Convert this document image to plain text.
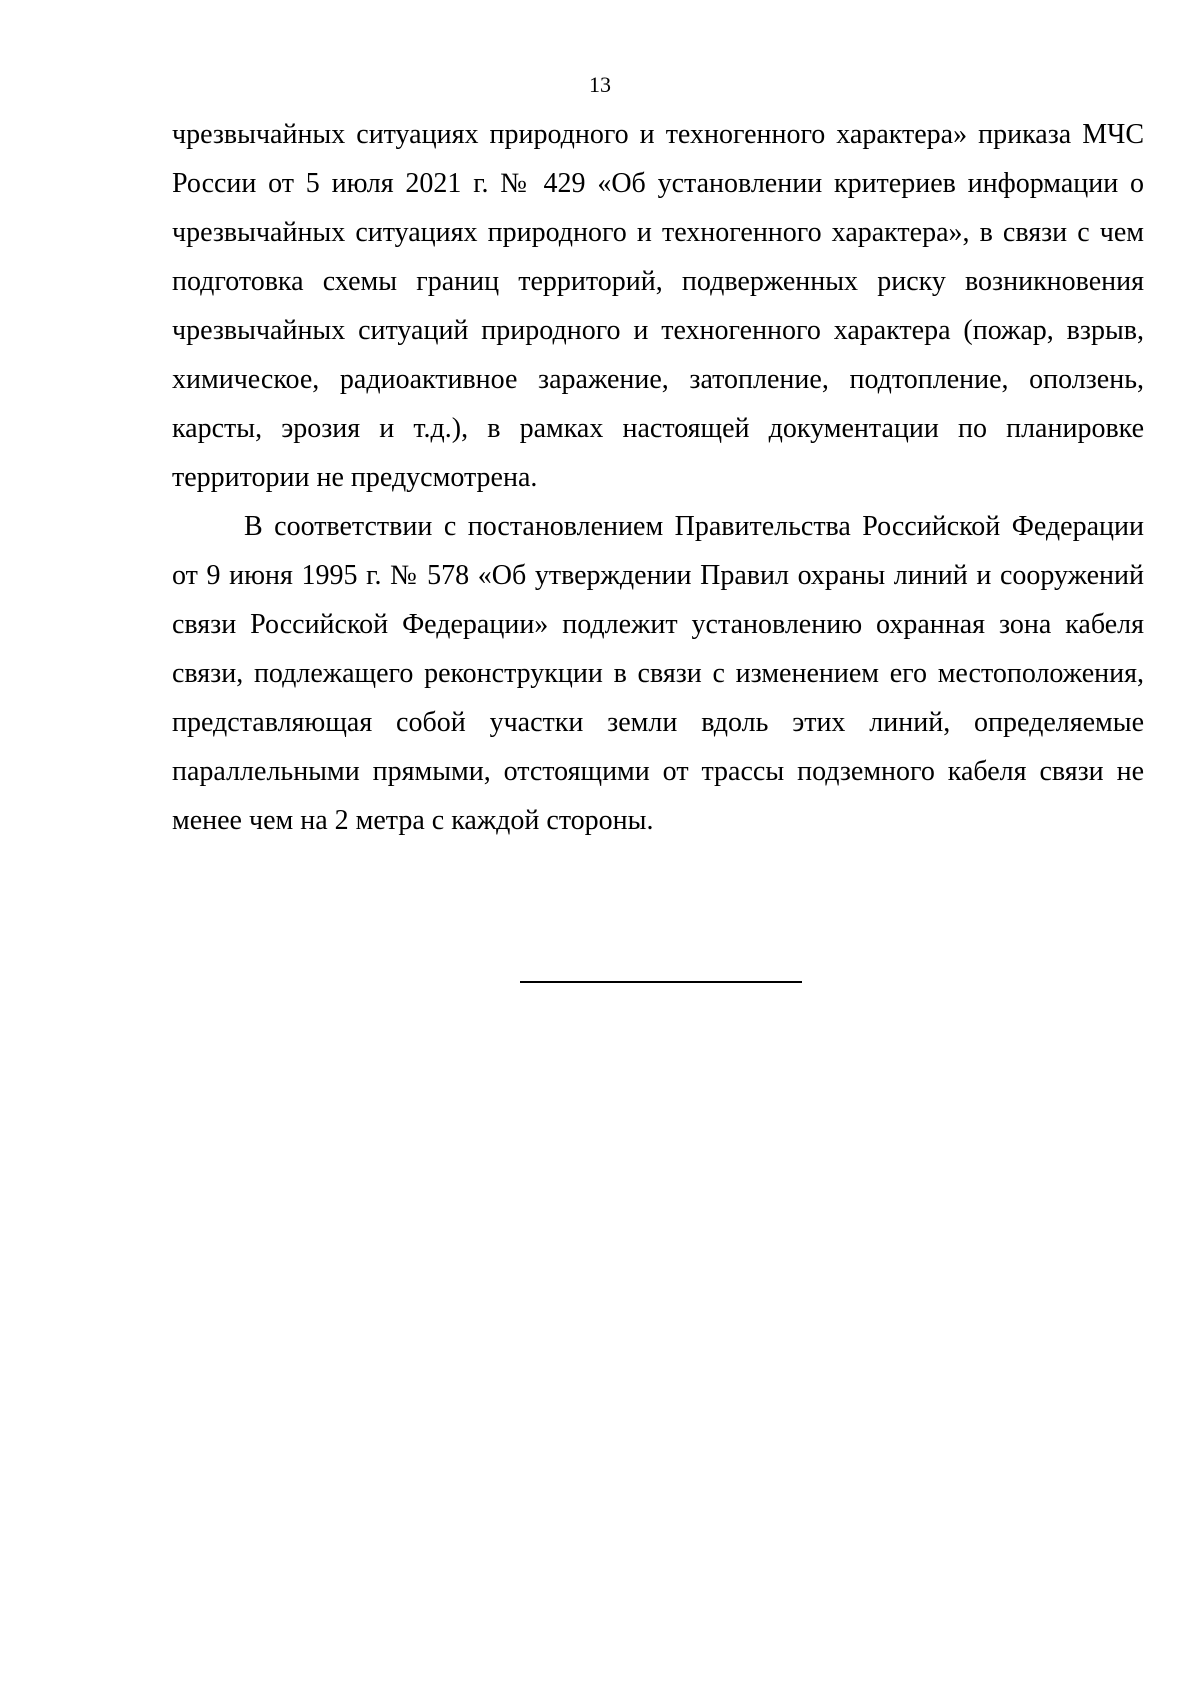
13

чрезвычайных ситуациях природного и техногенного характера» приказа МЧС России от 5 июля 2021 г. № 429 «Об установлении критериев информации о чрезвычайных ситуациях природного и техногенного характера», в связи с чем подготовка схемы границ территорий, подверженных риску возникновения чрезвычайных ситуаций природного и техногенного характера (пожар, взрыв, химическое, радиоактивное заражение, затопление, подтопление, оползень, карсты, эрозия и т.д.), в рамках настоящей документации по планировке территории не предусмотрена.

В соответствии с постановлением Правительства Российской Федерации от 9 июня 1995 г. № 578 «Об утверждении Правил охраны линий и сооружений связи Российской Федерации» подлежит установлению охранная зона кабеля связи, подлежащего реконструкции в связи с изменением его местоположения, представляющая собой участки земли вдоль этих линий, определяемые параллельными прямыми, отстоящими от трассы подземного кабеля связи не менее чем на 2 метра с каждой стороны.
